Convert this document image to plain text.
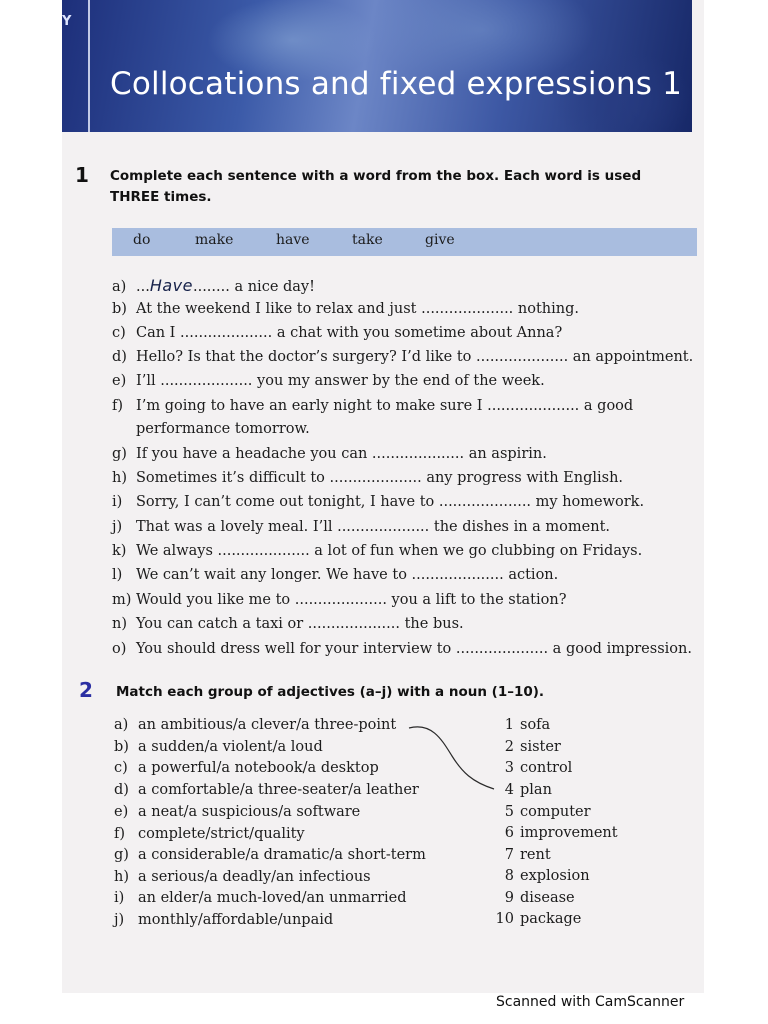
Y
Collocations and fixed expressions 1
1 Complete each sentence with a word from the box. Each word is used THREE times.
do	make	have	take	give
a) ...Have........ a nice day!
b) At the weekend I like to relax and just .................... nothing.
c) Can I .................... a chat with you sometime about Anna?
d) Hello? Is that the doctor’s surgery? I’d like to .................... an appointment.
e) I’ll .................... you my answer by the end of the week.
f) I’m going to have an early night to make sure I .................... a good
performance tomorrow.
g) If you have a headache you can .................... an aspirin.
h) Sometimes it’s difficult to .................... any progress with English.
i) Sorry, I can’t come out tonight, I have to .................... my homework.
j) That was a lovely meal. I’ll .................... the dishes in a moment.
k) We always .................... a lot of fun when we go clubbing on Fridays.
l) We can’t wait any longer. We have to .................... action.
m) Would you like me to .................... you a lift to the station?
n) You can catch a taxi or .................... the bus.
o) You should dress well for your interview to .................... a good impression.
2 Match each group of adjectives (a–j) with a noun (1–10).
a) an ambitious/a clever/a three-point
b) a sudden/a violent/a loud
c) a powerful/a notebook/a desktop
d) a comfortable/a three-seater/a leather
e) a neat/a suspicious/a software
f) complete/strict/quality
g) a considerable/a dramatic/a short-term
h) a serious/a deadly/an infectious
i) an elder/a much-loved/an unmarried
j) monthly/affordable/unpaid
1 sofa
2 sister
3 control
4 plan
5 computer
6 improvement
7 rent
8 explosion
9 disease
10 package
Scanned with CamScanner
